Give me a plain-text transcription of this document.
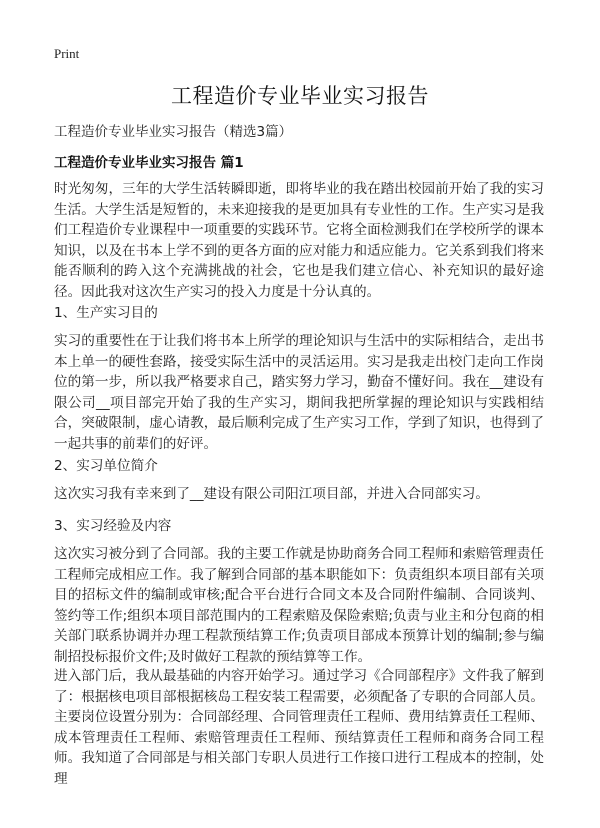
Print
工程造价专业毕业实习报告
工程造价专业毕业实习报告（精选3篇）
工程造价专业毕业实习报告 篇1
时光匆匆，三年的大学生活转瞬即逝，即将毕业的我在踏出校园前开始了我的实习生活。大学生活是短暂的，未来迎接我的是更加具有专业性的工作。生产实习是我们工程造价专业课程中一项重要的实践环节。它将全面检测我们在学校所学的课本知识，以及在书本上学不到的更各方面的应对能力和适应能力。它关系到我们将来能否顺利的跨入这个充满挑战的社会，它也是我们建立信心、补充知识的最好途径。因此我对这次生产实习的投入力度是十分认真的。
1、生产实习目的
实习的重要性在于让我们将书本上所学的理论知识与生活中的实际相结合，走出书本上单一的硬性套路，接受实际生活中的灵活运用。实习是我走出校门走向工作岗位的第一步，所以我严格要求自己，踏实努力学习，勤奋不懂好问。我在__建设有限公司__项目部完开始了我的生产实习，期间我把所掌握的理论知识与实践相结合，突破限制，虚心请教，最后顺利完成了生产实习工作，学到了知识，也得到了一起共事的前辈们的好评。
2、实习单位简介
这次实习我有幸来到了__建设有限公司阳江项目部，并进入合同部实习。
3、实习经验及内容
这次实习被分到了合同部。我的主要工作就是协助商务合同工程师和索赔管理责任工程师完成相应工作。我了解到合同部的基本职能如下：负责组织本项目部有关项目的招标文件的编制或审核;配合平台进行合同文本及合同附件编制、合同谈判、签约等工作;组织本项目部范围内的工程索赔及保险索赔;负责与业主和分包商的相关部门联系协调并办理工程款预结算工作;负责项目部成本预算计划的编制;参与编制招投标报价文件;及时做好工程款的预结算等工作。
进入部门后，我从最基础的内容开始学习。通过学习《合同部程序》文件我了解到了：根据核电项目部根据核岛工程安装工程需要，必须配备了专职的合同部人员。主要岗位设置分别为：合同部经理、合同管理责任工程师、费用结算责任工程师、成本管理责任工程师、索赔管理责任工程师、预结算责任工程师和商务合同工程师。我知道了合同部是与相关部门专职人员进行工作接口进行工程成本的控制，处理
